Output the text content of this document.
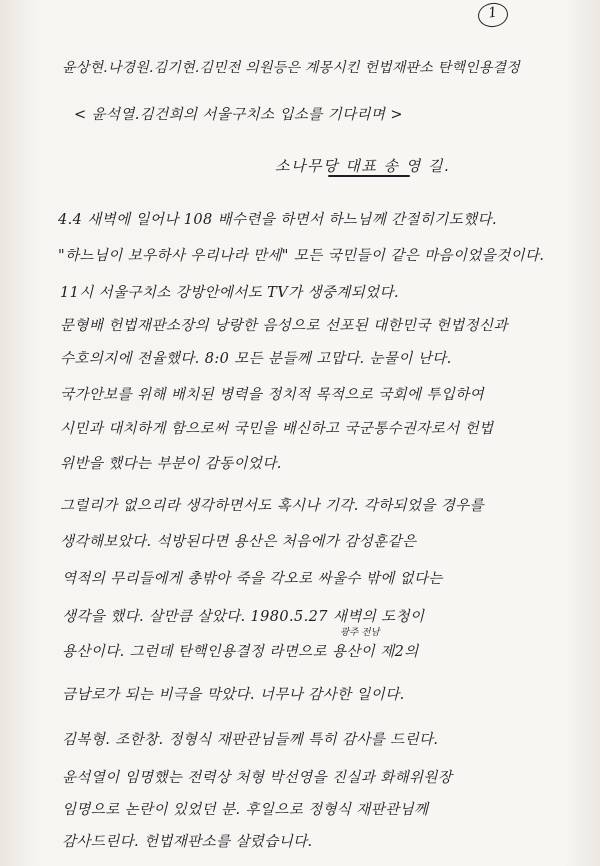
1
윤상현.나경원.김기현.김민전 의원등은 계몽시킨 헌법재판소 탄핵인용결정
< 윤석열.김건희의 서울구치소 입소를 기다리며 >
소나무당 대표 송 영 길.
4.4 새벽에 일어나 108 배수련을 하면서 하느님께 간절히기도했다.
"하느님이 보우하사 우리나라 만세" 모든 국민들이 같은 마음이었을것이다.
11시 서울구치소 강방안에서도 TV가 생중계되었다.
문형배 헌법재판소장의 낭랑한 음성으로 선포된 대한민국 헌법정신과
수호의지에 전율했다. 8:0 모든 분들께 고맙다. 눈물이 난다.
국가안보를 위해 배치된 병력을 정치적 목적으로 국회에 투입하여
시민과 대치하게 함으로써 국민을 배신하고 국군통수권자로서 헌법
위반을 했다는 부분이 감동이었다.
그럴리가 없으리라 생각하면서도 혹시나 기각. 각하되었을 경우를
생각해보았다. 석방된다면 용산은 처음에가 감성훈같은
역적의 무리들에게 총밖아 죽을 각오로 싸울수 밖에 없다는
생각을 했다. 살만큼 살았다. 1980.5.27 새벽의 도청이
용산이다. 그런데 탄핵인용결정 라면으로 용산이 제2의
금남로가 되는 비극을 막았다. 너무나 감사한 일이다.
김복형. 조한창. 정형식 재판관님들께 특히 감사를 드린다.
윤석열이 임명했는 전력상 처형 박선영을 진실과 화해위원장
임명으로 논란이 있었던 분. 후일으로 정형식 재판관님께
감사드린다. 헌법재판소를 살렸습니다.
광주 전남
